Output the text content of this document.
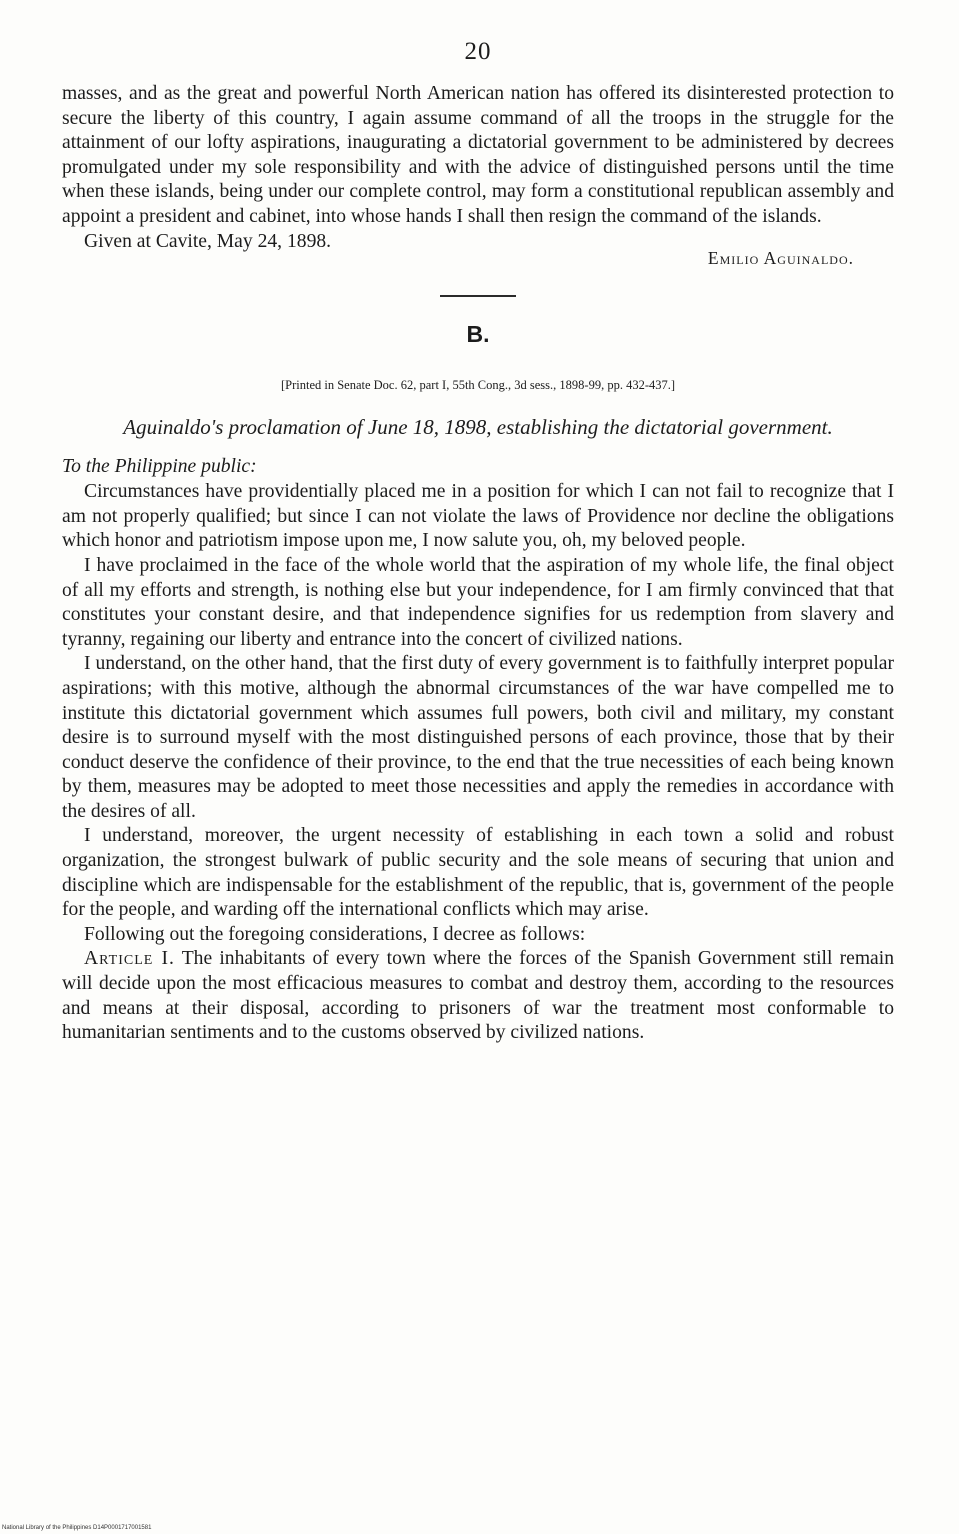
20

masses, and as the great and powerful North American nation has offered its disinterested protection to secure the liberty of this country, I again assume command of all the troops in the struggle for the attainment of our lofty aspirations, inaugurating a dictatorial government to be administered by decrees promulgated under my sole responsibility and with the advice of distinguished persons until the time when these islands, being under our complete control, may form a constitutional republican assembly and appoint a president and cabinet, into whose hands I shall then resign the command of the islands.

Given at Cavite, May 24, 1898.

Emilio Aguinaldo.
B.
[Printed in Senate Doc. 62, part I, 55th Cong., 3d sess., 1898-99, pp. 432-437.]
Aguinaldo's proclamation of June 18, 1898, establishing the dictatorial government.
To the Philippine public:

Circumstances have providentially placed me in a position for which I can not fail to recognize that I am not properly qualified; but since I can not violate the laws of Providence nor decline the obligations which honor and patriotism impose upon me, I now salute you, oh, my beloved people.

I have proclaimed in the face of the whole world that the aspiration of my whole life, the final object of all my efforts and strength, is nothing else but your independence, for I am firmly convinced that that constitutes your constant desire, and that independence signifies for us redemption from slavery and tyranny, regaining our liberty and entrance into the concert of civilized nations.

I understand, on the other hand, that the first duty of every government is to faithfully interpret popular aspirations; with this motive, although the abnormal circumstances of the war have compelled me to institute this dictatorial government which assumes full powers, both civil and military, my constant desire is to surround myself with the most distinguished persons of each province, those that by their conduct deserve the confidence of their province, to the end that the true necessities of each being known by them, measures may be adopted to meet those necessities and apply the remedies in accordance with the desires of all.

I understand, moreover, the urgent necessity of establishing in each town a solid and robust organization, the strongest bulwark of public security and the sole means of securing that union and discipline which are indispensable for the establishment of the republic, that is, government of the people for the people, and warding off the international conflicts which may arise.

Following out the foregoing considerations, I decree as follows:

Article I. The inhabitants of every town where the forces of the Spanish Government still remain will decide upon the most efficacious measures to combat and destroy them, according to the resources and means at their disposal, according to prisoners of war the treatment most conformable to humanitarian sentiments and to the customs observed by civilized nations.

National Library of the Philippines D14P0001717001581
